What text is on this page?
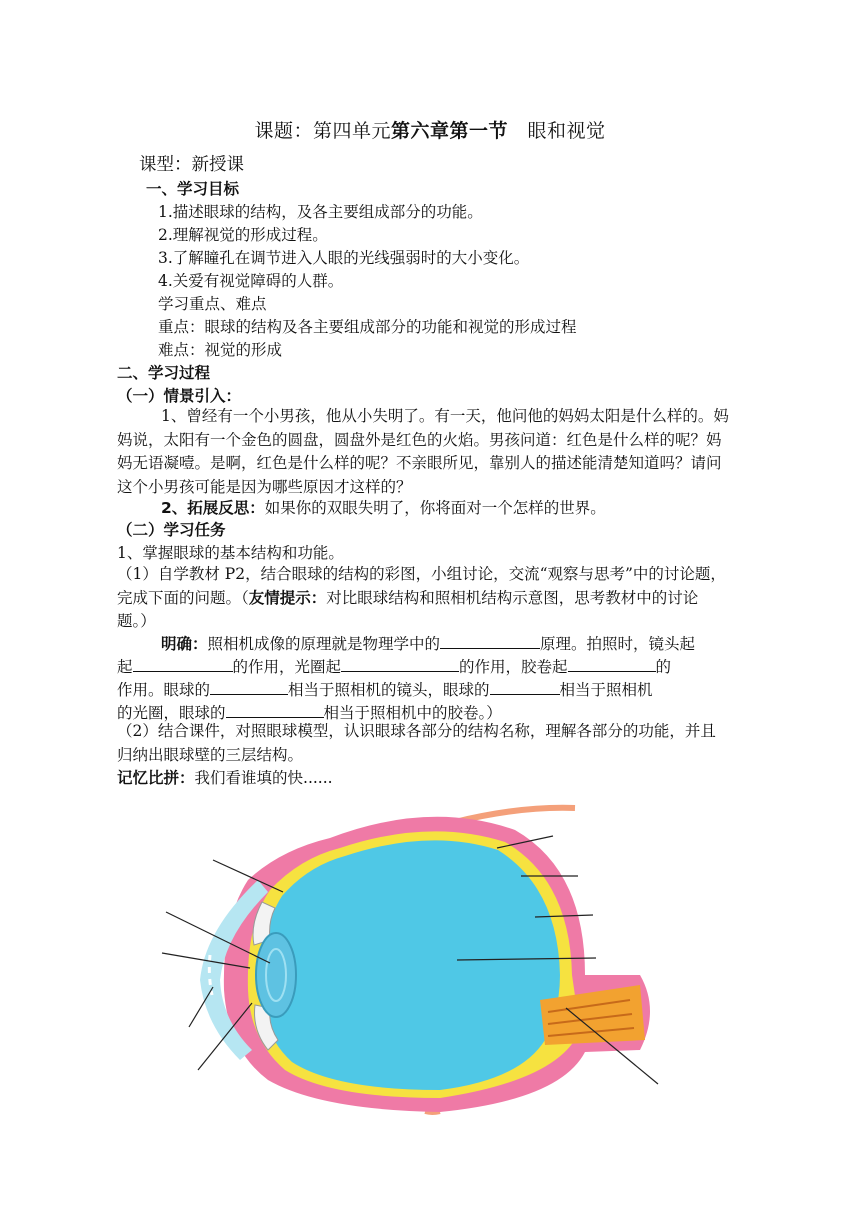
课题：第四单元第六章第一节　眼和视觉
课型：新授课
一、学习目标
1.描述眼球的结构，及各主要组成部分的功能。
2.理解视觉的形成过程。
3.了解瞳孔在调节进入人眼的光线强弱时的大小变化。
4.关爱有视觉障碍的人群。
学习重点、难点
重点：眼球的结构及各主要组成部分的功能和视觉的形成过程
难点：视觉的形成
二、学习过程
（一）情景引入：
1、曾经有一个小男孩，他从小失明了。有一天，他问他的妈妈太阳是什么样的。妈妈说，太阳有一个金色的圆盘，圆盘外是红色的火焰。男孩问道：红色是什么样的呢？妈妈无语凝噎。是啊，红色是什么样的呢？不亲眼所见，靠别人的描述能清楚知道吗？请问这个小男孩可能是因为哪些原因才这样的？
2、拓展反思：如果你的双眼失明了，你将面对一个怎样的世界。
（二）学习任务
1、掌握眼球的基本结构和功能。
（1）自学教材 P2，结合眼球的结构的彩图，小组讨论，交流“观察与思考”中的讨论题，完成下面的问题。（友情提示：对比眼球结构和照相机结构示意图，思考教材中的讨论题。）
明确：照相机成像的原理就是物理学中的	原理。拍照时，镜头起
起	的作用，光圈起	的作用，胶卷起	的
作用。眼球的	相当于照相机的镜头，眼球的	相当于照相机
的光圈，眼球的	相当于照相机中的胶卷。）
（2）结合课件，对照眼球模型，认识眼球各部分的结构名称，理解各部分的功能，并且归纳出眼球壁的三层结构。
记忆比拼：我们看谁填的快......
